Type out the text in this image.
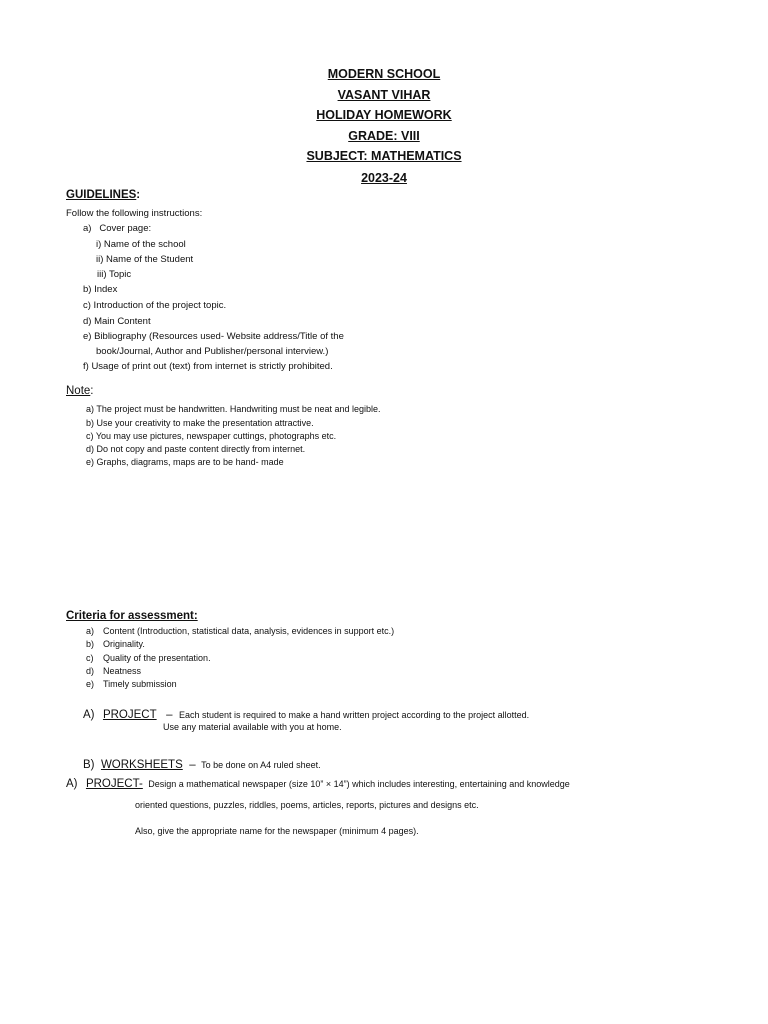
MODERN SCHOOL
VASANT VIHAR
HOLIDAY HOMEWORK
GRADE: VIII
SUBJECT: MATHEMATICS
2023-24
GUIDELINES:
Follow the following instructions:
a)   Cover page:
i) Name of the school
ii) Name of the Student
iii) Topic
b) Index
c) Introduction of the project topic.
d) Main Content
e) Bibliography (Resources used- Website address/Title of the
book/Journal, Author and Publisher/personal interview.)
f) Usage of print out (text) from internet is strictly prohibited.
Note:
a) The project must be handwritten. Handwriting must be neat and legible.
b) Use your creativity to make the presentation attractive.
c) You may use pictures, newspaper cuttings, photographs etc.
d) Do not copy and paste content directly from internet.
e) Graphs, diagrams, maps are to be hand- made
Criteria for assessment:
a) Content (Introduction, statistical data, analysis, evidences in support etc.)
b) Originality.
c) Quality of the presentation.
d) Neatness
e) Timely submission
A) PROJECT – Each student is required to make a hand written project according to the project allotted.
Use any material available with you at home.
B) WORKSHEETS – To be done on A4 ruled sheet.
A) PROJECT- Design a mathematical newspaper (size 10” × 14”) which includes interesting, entertaining and knowledge
oriented questions, puzzles, riddles, poems, articles, reports, pictures and designs etc.
Also, give the appropriate name for the newspaper (minimum 4 pages).
